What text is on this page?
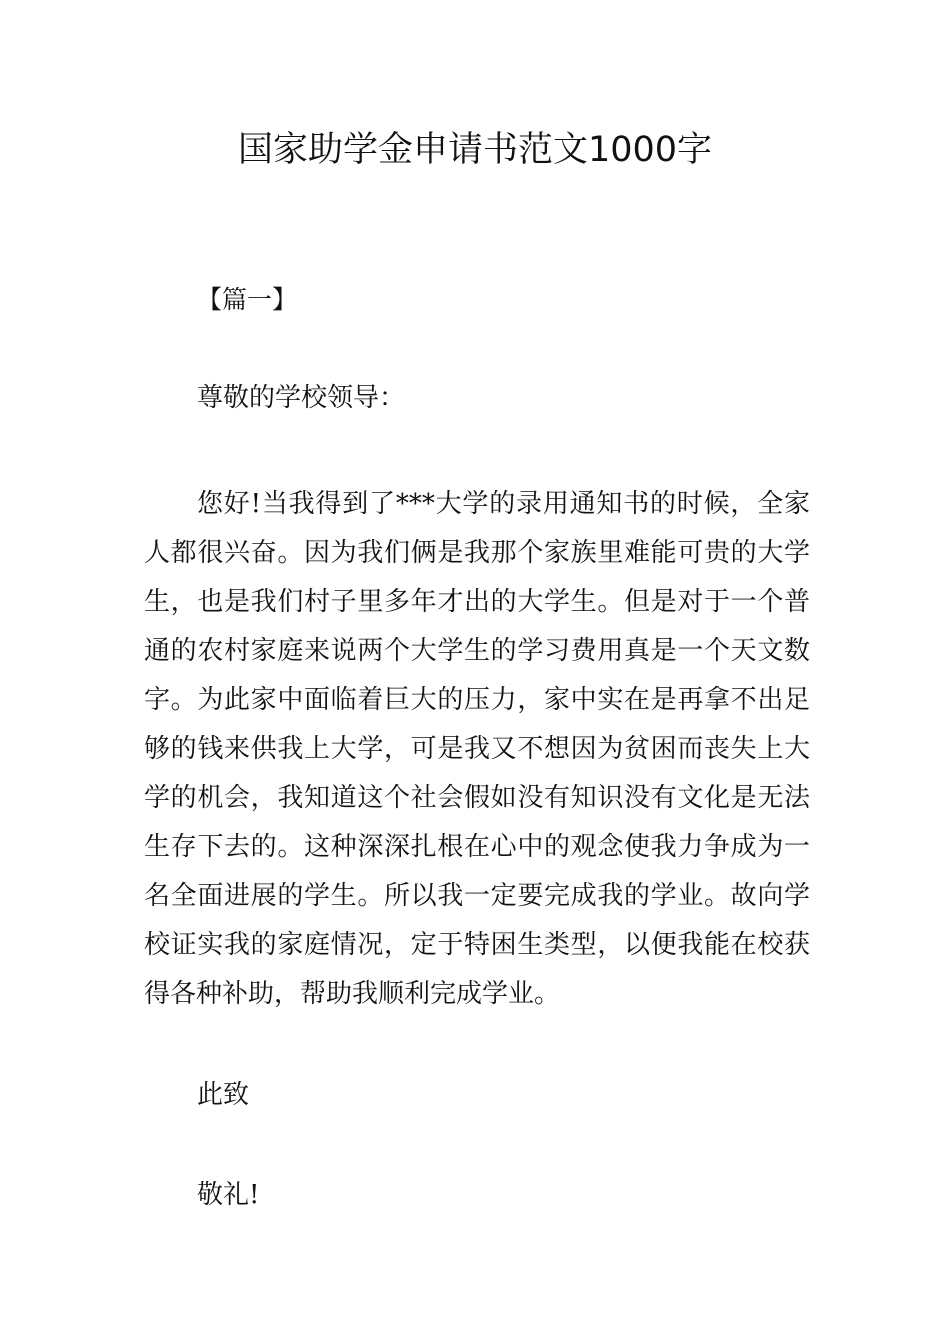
国家助学金申请书范文1000字
【篇一】
尊敬的学校领导：

您好!当我得到了***大学的录用通知书的时候，全家人都很兴奋。因为我们俩是我那个家族里难能可贵的大学生，也是我们村子里多年才出的大学生。但是对于一个普通的农村家庭来说两个大学生的学习费用真是一个天文数字。为此家中面临着巨大的压力，家中实在是再拿不出足够的钱来供我上大学，可是我又不想因为贫困而丧失上大学的机会，我知道这个社会假如没有知识没有文化是无法生存下去的。这种深深扎根在心中的观念使我力争成为一名全面进展的学生。所以我一定要完成我的学业。故向学校证实我的家庭情况，定于特困生类型，以便我能在校获得各种补助，帮助我顺利完成学业。

此致
敬礼!
